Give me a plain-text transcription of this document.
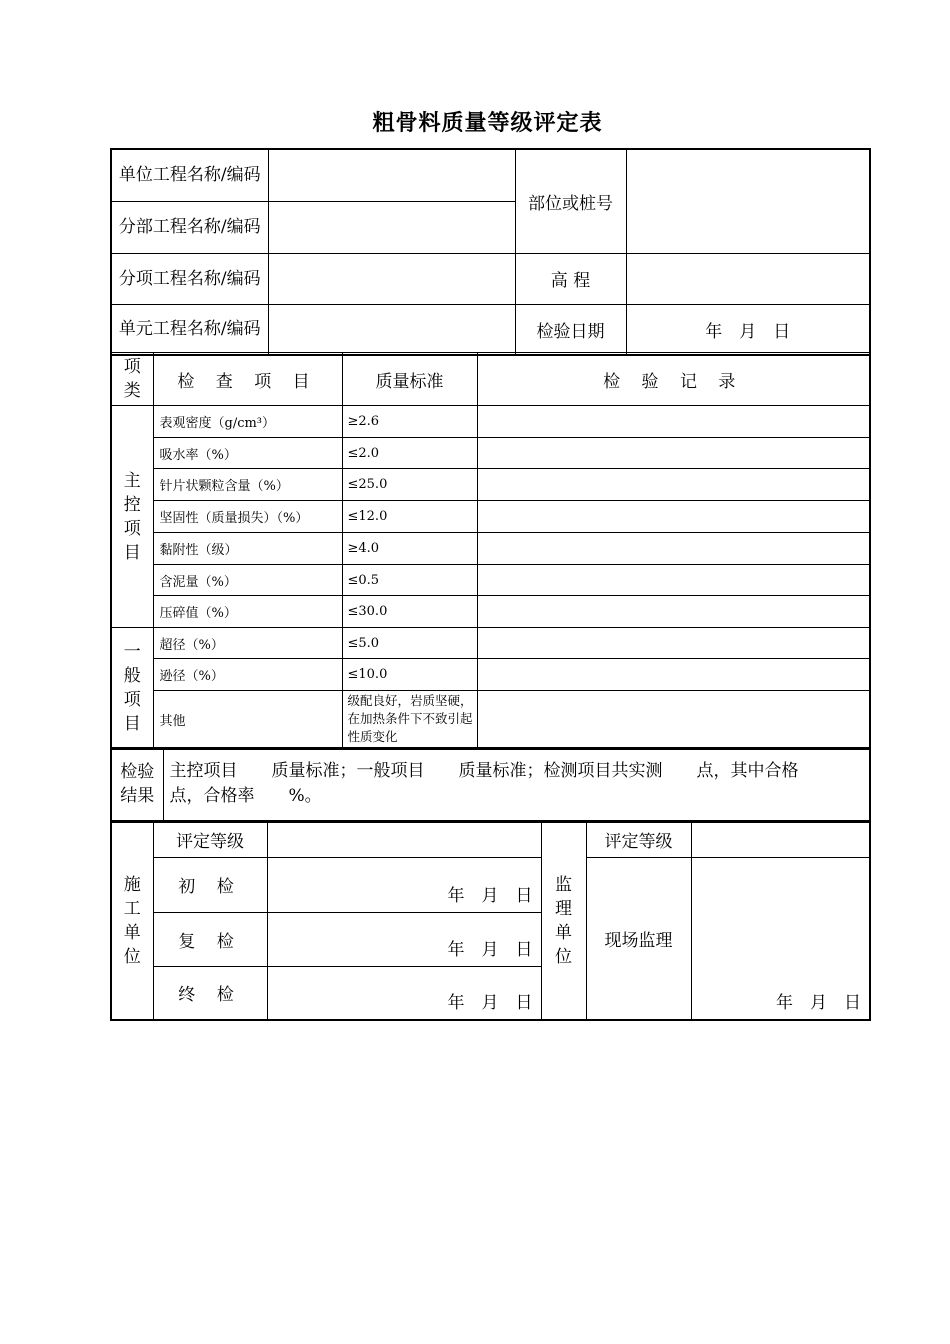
粗骨料质量等级评定表
单位工程名称/编码		部位或桩号	

分部工程名称/编码			

分项工程名称/编码		高 程	

单元工程名称/编码		检验日期	年　月　日
项类	检 查 项 目	质量标准	检 验 记 录

主控项目	表观密度（g/cm³）	≥2.6	
	吸水率（%）	≤2.0	
	针片状颗粒含量（%）	≤25.0	
	坚固性（质量损失）（%）	≤12.0	
	黏附性（级）	≥4.0	
	含泥量（%）	≤0.5	
	压碎值（%）	≤30.0	

一般项目	超径（%）	≤5.0	
	逊径（%）	≤10.0	
	其他	级配良好，岩质坚硬，在加热条件下不致引起性质变化	
检验结果
	主控项目　　质量标准；一般项目　　质量标准；检测项目共实测　　点，其中合格　　点，合格率　　%。
施工单位	评定等级		监理单位	评定等级	
	初 检	年　月　日		现场监理	年　月　日
	复 检	年　月　日			
	终 检	年　月　日			
